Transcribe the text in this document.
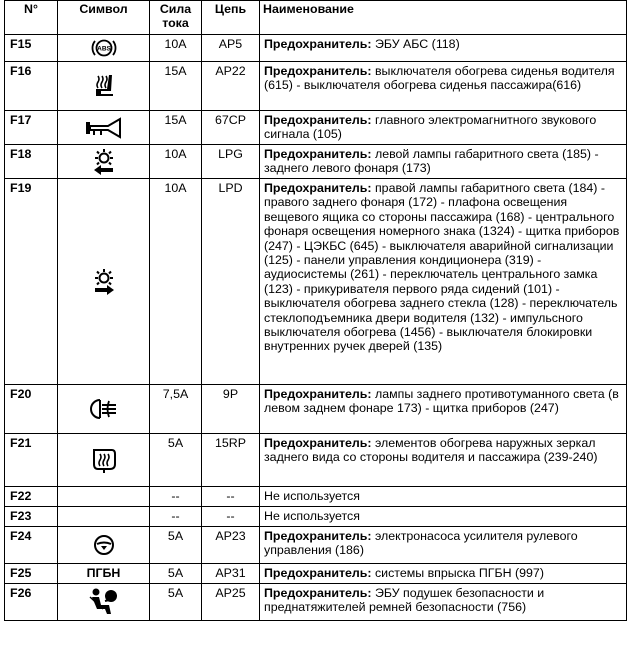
N°	Символ	Сила тока	Цепь	Наименование
F15	ABS	10A	AP5	Предохранитель: ЭБУ АБС (118)
F16		15A	AP22	Предохранитель: выключателя обогрева сиденья водителя (615) - выключателя обогрева сиденья пассажира(616)
F17		15A	67CP	Предохранитель: главного электромагнитного звукового сигнала (105)
F18		10A	LPG	Предохранитель: левой лампы габаритного света (185) - заднего левого фонаря (173)
F19		10A	LPD	Предохранитель: правой лампы габаритного света (184) - правого заднего фонаря (172) - плафона освещения вещевого ящика со стороны пассажира (168) - центрального фонаря освещения номерного знака (1324) - щитка приборов (247) - ЦЭКБС (645) - выключателя аварийной сигнализации (125) - панели управления кондиционера (319) - аудиосистемы (261) - переключатель центрального замка (123) - прикуривателя первого ряда сидений (101) - выключателя обогрева заднего стекла (128) - переключатель стеклоподъемника двери водителя (132) - импульсного выключателя обогрева (1456) - выключателя блокировки внутренних ручек дверей (135)
F20		7,5A	9P	Предохранитель: лампы заднего противотуманного света (в левом заднем фонаре 173) - щитка приборов (247)
F21		5A	15RP	Предохранитель: элементов обогрева наружных зеркал заднего вида со стороны водителя и пассажира (239-240)
F22		--	--	Не используется
F23		--	--	Не используется
F24		5A	AP23	Предохранитель: электронасоса усилителя рулевого управления (186)
F25	ПГБН	5A	AP31	Предохранитель: системы впрыска ПГБН (997)
F26		5A	AP25	Предохранитель: ЭБУ подушек безопасности и преднатяжителей ремней безопасности (756)
